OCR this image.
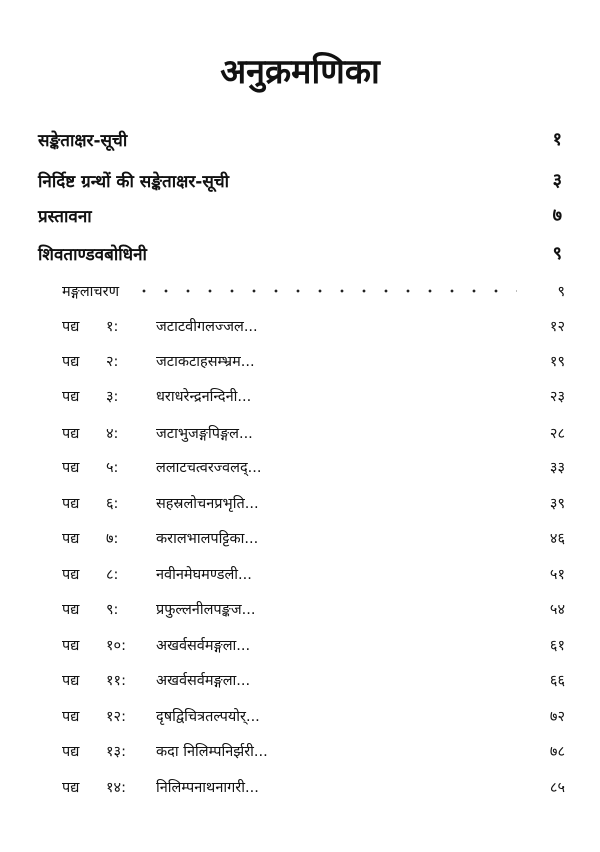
अनुक्रमणिका
सङ्केताक्षर-सूची	१
निर्दिष्ट ग्रन्थों की सङ्केताक्षर-सूची	३
प्रस्तावना	७
शिवताण्डवबोधिनी	९
मङ्गलाचरण	९
पद्य	१:	जटाटवीगलज्जल...	१२
पद्य	२:	जटाकटाहसम्भ्रम...	१९
पद्य	३:	धराधरेन्द्रनन्दिनी...	२३
पद्य	४:	जटाभुजङ्गपिङ्गल...	२८
पद्य	५:	ललाटचत्वरज्वलद्...	३३
पद्य	६:	सहस्रलोचनप्रभृति...	३९
पद्य	७:	करालभालपट्टिका...	४६
पद्य	८:	नवीनमेघमण्डली...	५१
पद्य	९:	प्रफुल्लनीलपङ्कज...	५४
पद्य	१०:	अखर्वसर्वमङ्गला...	६१
पद्य	११:	अखर्वसर्वमङ्गला...	६६
पद्य	१२:	दृषद्विचित्रतल्पयोर्...	७२
पद्य	१३:	कदा निलिम्पनिर्झरी...	७८
पद्य	१४:	निलिम्पनाथनागरी...	८५
